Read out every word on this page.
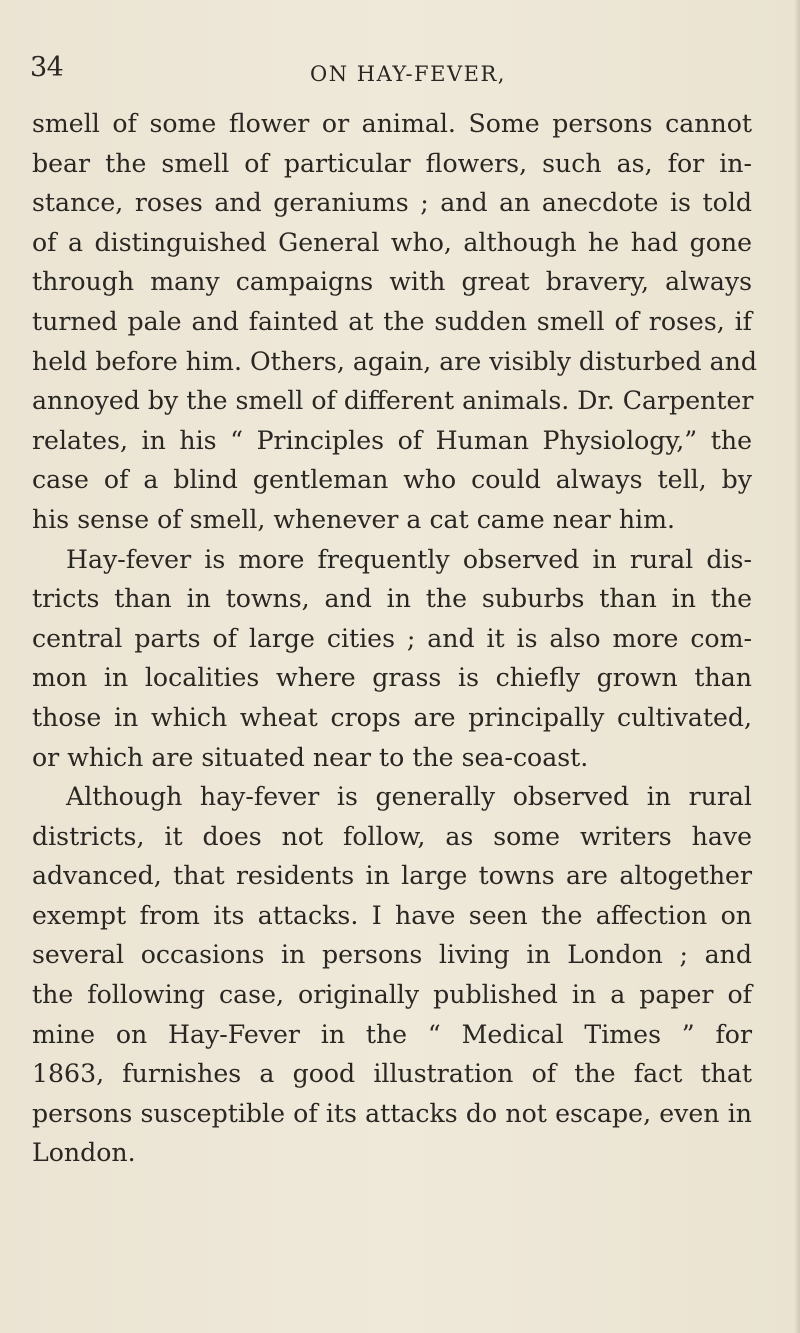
34	ON HAY-FEVER,
smell of some flower or animal. Some persons cannot
bear the smell of particular flowers, such as, for in-
stance, roses and geraniums ; and an anecdote is told
of a distinguished General who, although he had gone
through many campaigns with great bravery, always
turned pale and fainted at the sudden smell of roses, if
held before him. Others, again, are visibly disturbed and
annoyed by the smell of different animals. Dr. Carpenter
relates, in his “ Principles of Human Physiology,” the
case of a blind gentleman who could always tell, by
his sense of smell, whenever a cat came near him.
Hay-fever is more frequently observed in rural dis-
tricts than in towns, and in the suburbs than in the
central parts of large cities ; and it is also more com-
mon in localities where grass is chiefly grown than
those in which wheat crops are principally cultivated,
or which are situated near to the sea-coast.
Although hay-fever is generally observed in rural
districts, it does not follow, as some writers have
advanced, that residents in large towns are altogether
exempt from its attacks. I have seen the affection on
several occasions in persons living in London ; and
the following case, originally published in a paper of
mine on Hay-Fever in the “ Medical Times ” for
1863, furnishes a good illustration of the fact that
persons susceptible of its attacks do not escape, even in
London.
